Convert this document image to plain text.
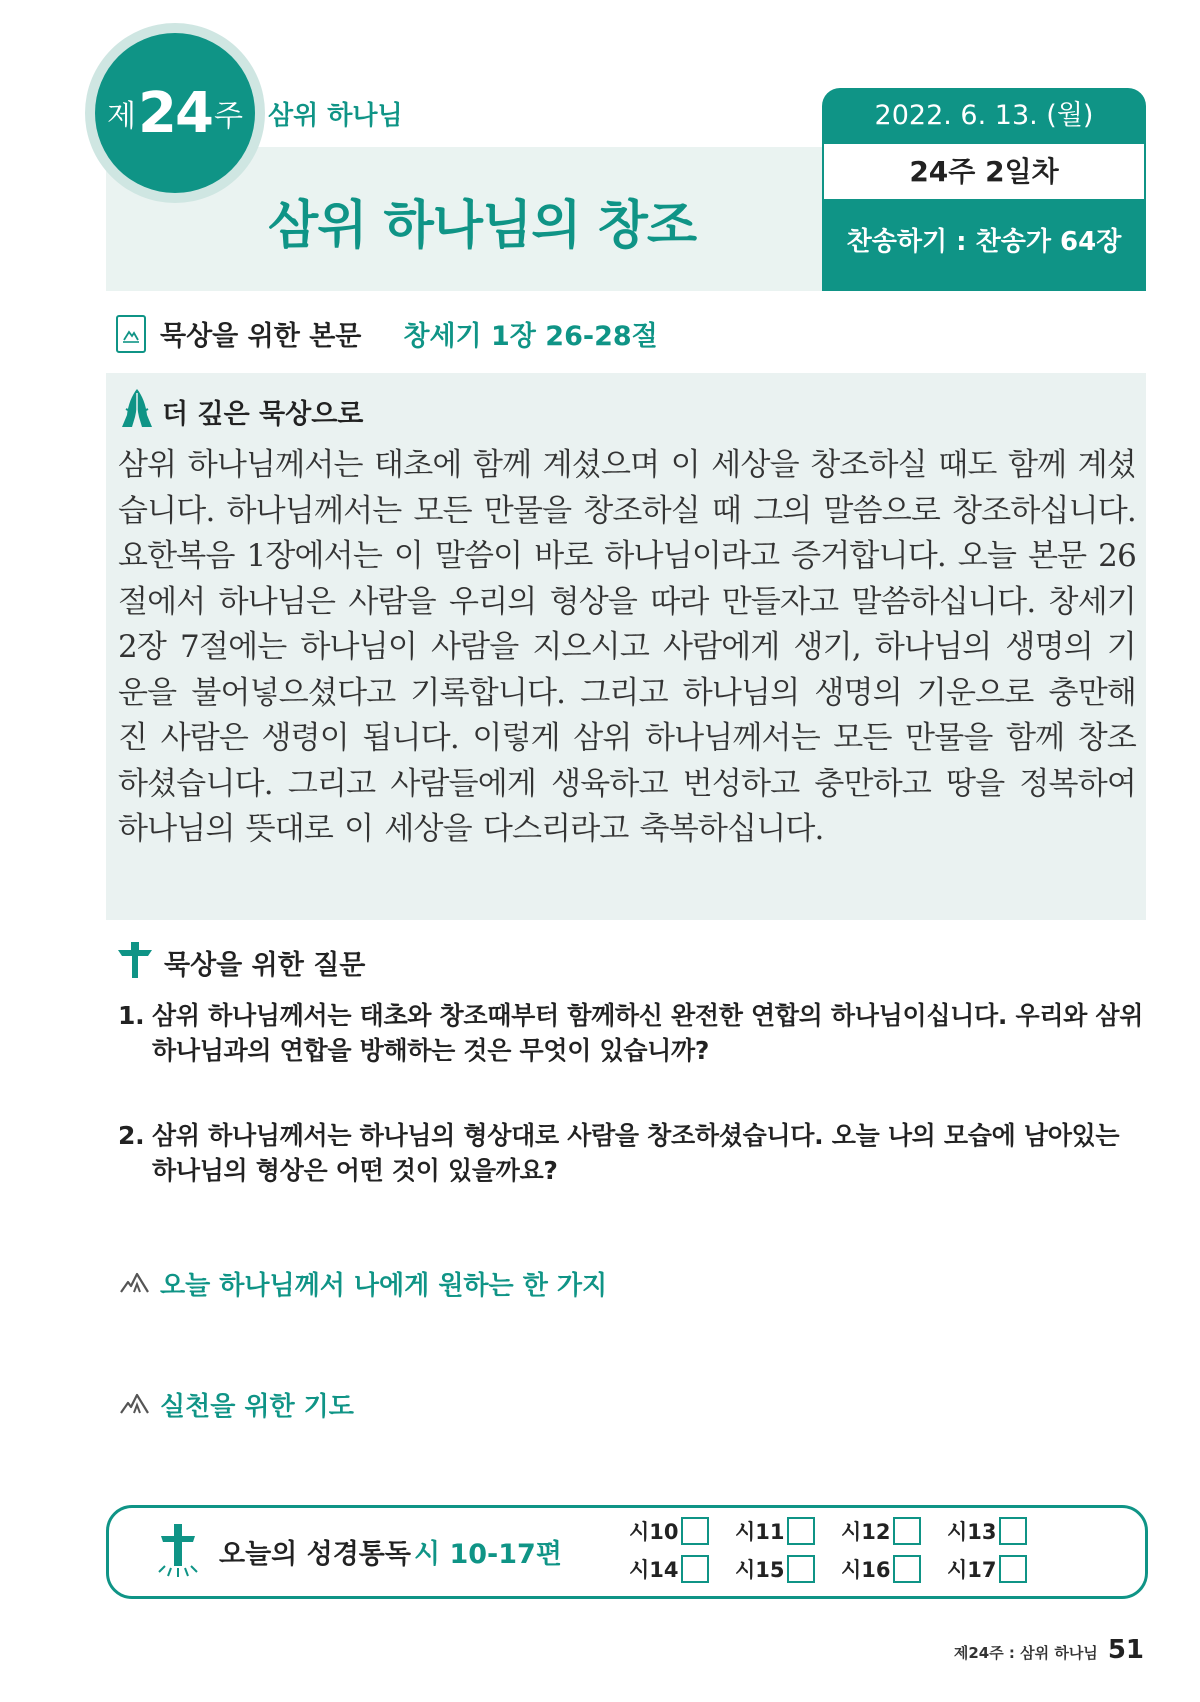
제 24 주 삼위 하나님
삼위 하나님의 창조
2022. 6. 13. (월)
24주 2일차
찬송하기 : 찬송가 64장
묵상을 위한 본문 창세기 1장 26-28절
더 깊은 묵상으로
삼위 하나님께서는 태초에 함께 계셨으며 이 세상을 창조하실 때도 함께 계셨습니다. 하나님께서는 모든 만물을 창조하실 때 그의 말씀으로 창조하십니다. 요한복음 1장에서는 이 말씀이 바로 하나님이라고 증거합니다. 오늘 본문 26절에서 하나님은 사람을 우리의 형상을 따라 만들자고 말씀하십니다. 창세기 2장 7절에는 하나님이 사람을 지으시고 사람에게 생기, 하나님의 생명의 기운을 불어넣으셨다고 기록합니다. 그리고 하나님의 생명의 기운으로 충만해진 사람은 생령이 됩니다. 이렇게 삼위 하나님께서는 모든 만물을 함께 창조하셨습니다. 그리고 사람들에게 생육하고 번성하고 충만하고 땅을 정복하여 하나님의 뜻대로 이 세상을 다스리라고 축복하십니다.
묵상을 위한 질문
1. 삼위 하나님께서는 태초와 창조때부터 함께하신 완전한 연합의 하나님이십니다. 우리와 삼위 하나님과의 연합을 방해하는 것은 무엇이 있습니까?
2. 삼위 하나님께서는 하나님의 형상대로 사람을 창조하셨습니다. 오늘 나의 모습에 남아있는 하나님의 형상은 어떤 것이 있을까요?
오늘 하나님께서 나에게 원하는 한 가지
실천을 위한 기도
오늘의 성경통독 시 10-17편
시10	시11	시12	시13
시14	시15	시16	시17
제24주 : 삼위 하나님 51
